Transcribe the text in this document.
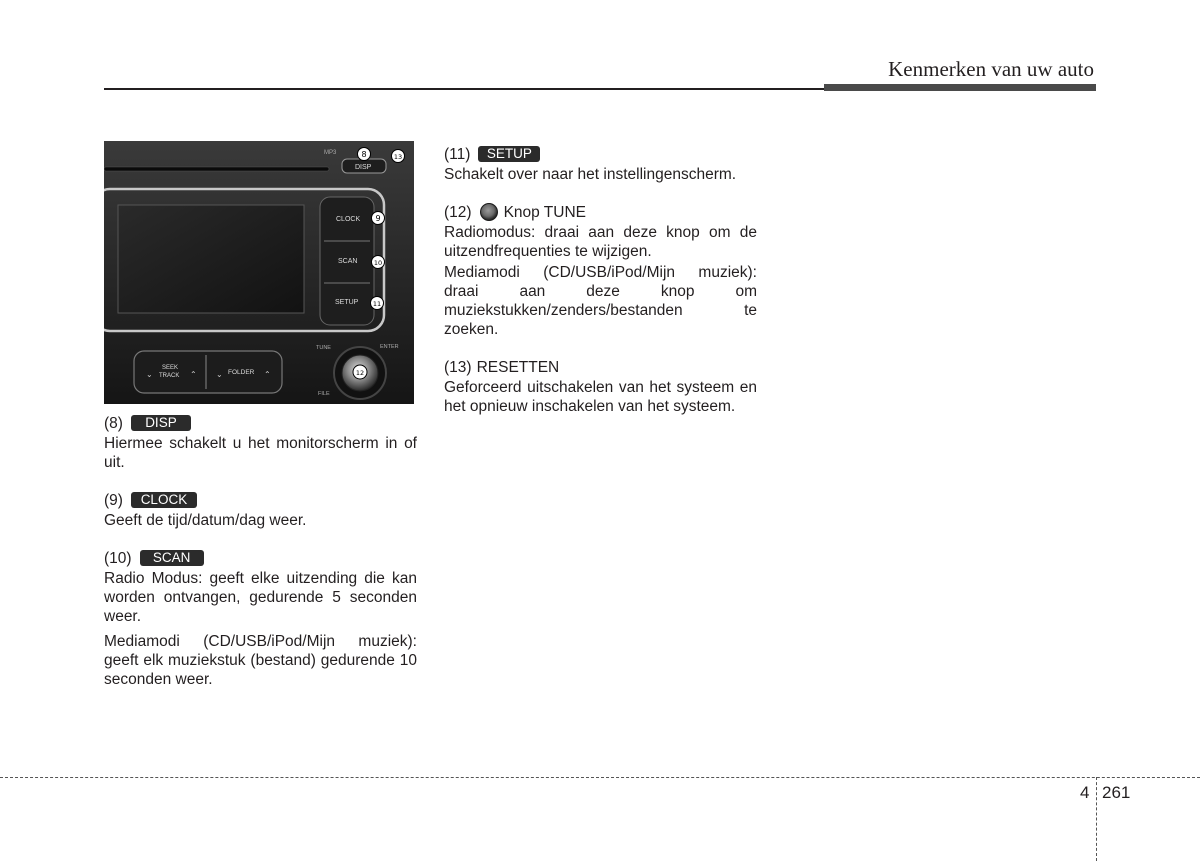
Kenmerken van uw auto
MP3
CLOCK
SCAN
SETUP
DISP
⌄	⌃
SEEK
TRACK	⌄ FOLDER ⌃
TUNE	ENTER
FILE
8	13
9
10
11
12
(8)	DISP

Hiermee schakelt u het monitorscherm in of uit.

(9)	CLOCK

Geeft de tijd/datum/dag weer.

(10)	SCAN

Radio Modus: geeft elke uitzending die kan worden ontvangen, gedurende 5 seconden weer.

Mediamodi (CD/USB/iPod/Mijn muziek): geeft elk muziekstuk (bestand) gedurende 10 seconden weer.

(11)	SETUP

Schakelt over naar het instellingenscherm.

(12) Knop TUNE

Radiomodus: draai aan deze knop om de uitzendfrequenties te wijzigen.

Mediamodi (CD/USB/iPod/Mijn muziek): draai aan deze knop om muziekstukken/zenders/bestanden te zoeken.

(13) RESETTEN

Geforceerd uitschakelen van het systeem en het opnieuw inschakelen van het systeem.

4 261
